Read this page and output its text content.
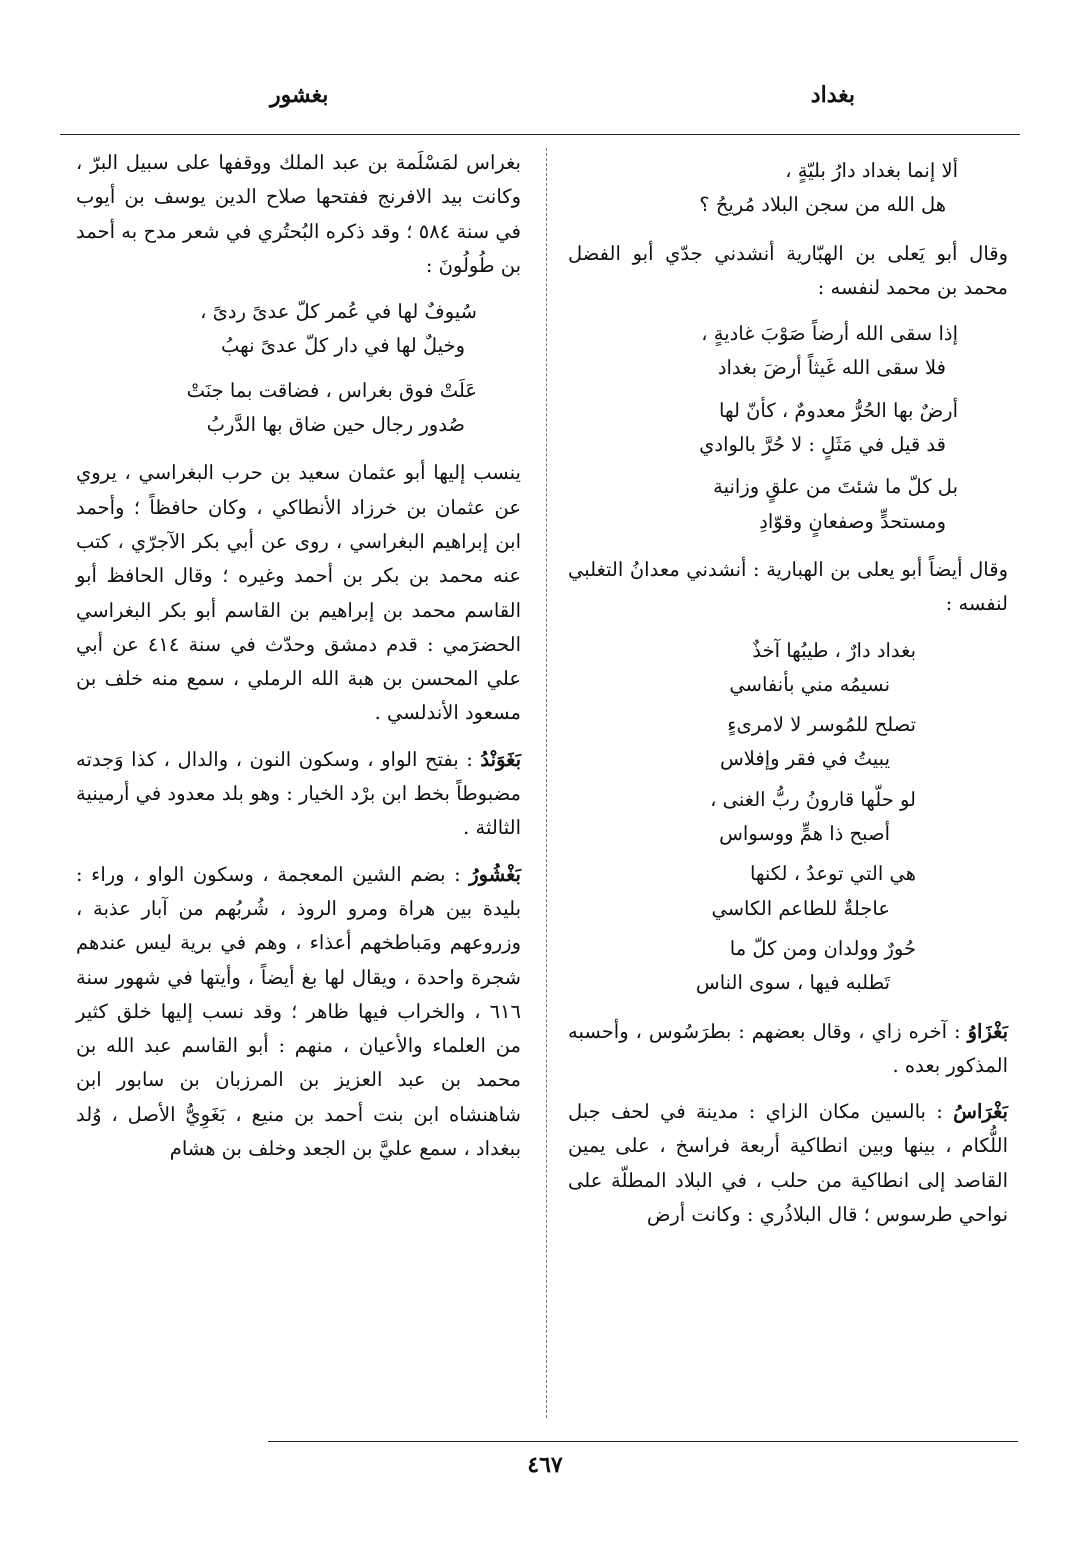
بغداد
بغشور
ألا إنما بغداد دارُ بليّةٍ ،
هل الله من سجن البلاد مُريحُ ؟

وقال أبو يَعلى بن الهبّارية أنشدني جدّي أبو الفضل محمد بن محمد لنفسه :

إذا سقى الله أرضاً صَوْبَ غاديةٍ ،
فلا سقى الله غَيثاً أرضَ بغداد
أرضٌ بها الحُرُّ معدومٌ ، كأنّ لها
قد قيل في مَثَلٍ : لا حُرَّ بالوادي
بل كلّ ما شئتَ من علقٍ وزانية
ومستحدٍّ وصفعانٍ وقوّادِ

وقال أيضاً أبو يعلى بن الهبارية : أنشدني معدانُ التغلبي لنفسه :

بغداد دارٌ ، طيبُها آخذٌ
نسيمُه مني بأنفاسي
تصلح للمُوسر لا لامرىءٍ
يبيتُ في فقر وإفلاس
لو حلّها قارونُ ربُّ الغنى ،
أصبح ذا همٍّ ووسواس
هي التي توعدُ ، لكنها
عاجلةٌ للطاعم الكاسي
حُورٌ وولدان ومن كلّ ما
تَطلبه فيها ، سوى الناس

بَغْزَاوُ : آخره زاي ، وقال بعضهم : بطرَسُوس ، وأحسبه المذكور بعده .

بَغْرَاسُ : بالسين مكان الزاي : مدينة في لحف جبل اللُّكام ، بينها وبين انطاكية أربعة فراسخ ، على يمين القاصد إلى انطاكية من حلب ، في البلاد المطلّة على نواحي طرسوس ؛ قال البلاذُري : وكانت أرض

بغراس لمَسْلَمة بن عبد الملك ووقفها على سبيل البرّ ، وكانت بيد الافرنج ففتحها صلاح الدين يوسف بن أيوب في سنة ٥٨٤ ؛ وقد ذكره البُحتُري في شعر مدح به أحمد بن طُولُونَ :

سُيوفٌ لها في عُمر كلّ عدىً ردىً ،
وخيلٌ لها في دار كلّ عدىً نهبُ
عَلَتْ فوق بغراس ، فضاقت بما جنَتْ
صُدور رجال حين ضاق بها الدَّربُ

ينسب إليها أبو عثمان سعيد بن حرب البغراسي ، يروي عن عثمان بن خرزاد الأنطاكي ، وكان حافظاً ؛ وأحمد ابن إبراهيم البغراسي ، روى عن أبي بكر الآجرّي ، كتب عنه محمد بن بكر بن أحمد وغيره ؛ وقال الحافظ أبو القاسم محمد بن إبراهيم بن القاسم أبو بكر البغراسي الحضرَمي : قدم دمشق وحدّث في سنة ٤١٤ عن أبي علي المحسن بن هبة الله الرملي ، سمع منه خلف بن مسعود الأندلسي .

بَغَوَنْدُ : بفتح الواو ، وسكون النون ، والدال ، كذا وَجدته مضبوطاً بخط ابن برْد الخيار : وهو بلد معدود في أرمينية الثالثة .

بَغْشُورُ : بضم الشين المعجمة ، وسكون الواو ، وراء : بليدة بين هراة ومرو الروذ ، شُربُهم من آبار عذبة ، وزروعهم ومَباطخهم أعذاء ، وهم في برية ليس عندهم شجرة واحدة ، ويقال لها بغ أيضاً ، وأيتها في شهور سنة ٦١٦ ، والخراب فيها ظاهر ؛ وقد نسب إليها خلق كثير من العلماء والأعيان ، منهم : أبو القاسم عبد الله بن محمد بن عبد العزيز بن المرزبان بن سابور ابن شاهنشاه ابن بنت أحمد بن منيع ، بَغَوِيُّ الأصل ، وُلد ببغداد ، سمع عليَّ بن الجعد وخلف بن هشام

٤٦٧
